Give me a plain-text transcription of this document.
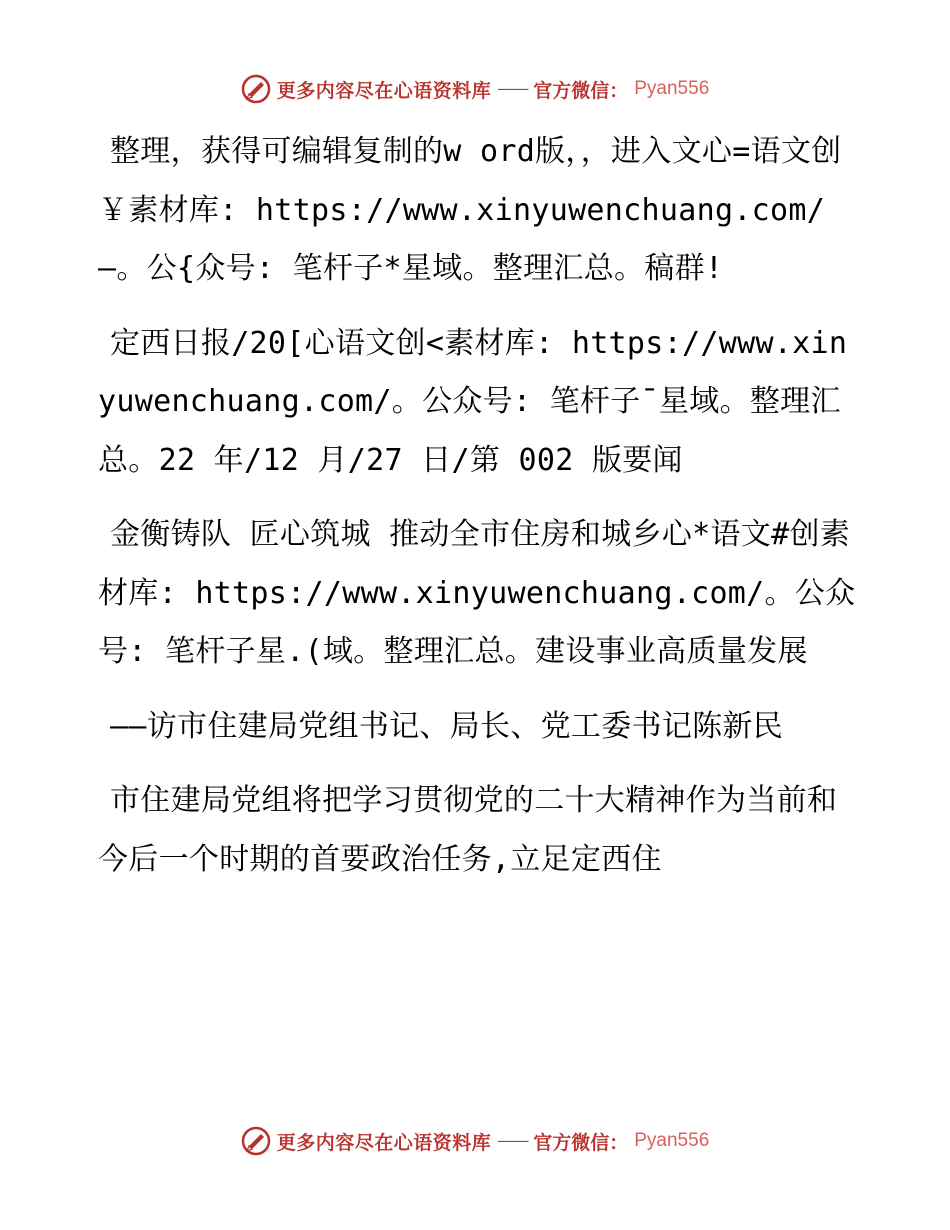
更多内容尽在心语资料库 —— 官方微信： Pyan556

整理，获得可编辑复制的w ord版，，进入文心=语文创￥素材库: https://www.xinyuwenchuang.com/—。公{众号: 笔杆子*星域。整理汇总。稿群!

定西日报/20[心语文创<素材库: https://www.xinyuwenchuang.com/。公众号: 笔杆子¯星域。整理汇总。22 年/12 月/27 日/第 002 版要闻

金衡铸队 匠心筑城 推动全市住房和城乡心*语文#创素材库: https://www.xinyuwenchuang.com/。公众号: 笔杆子星.(域。整理汇总。建设事业高质量发展

——访市住建局党组书记、局长、党工委书记陈新民

市住建局党组将把学习贯彻党的二十大精神作为当前和今后一个时期的首要政治任务,立足定西住

更多内容尽在心语资料库 —— 官方微信： Pyan556
